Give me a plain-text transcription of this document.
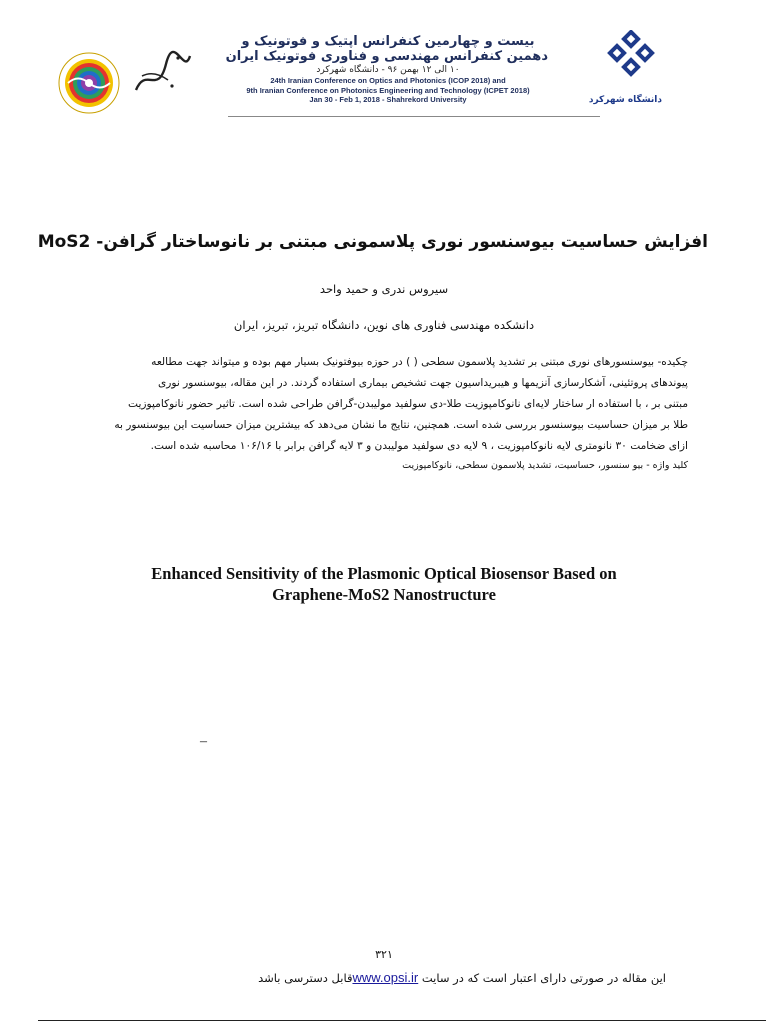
بیست و چهارمین کنفرانس اپتیک و فوتونیک و
دهمین کنفرانس مهندسی و فناوری فوتونیک ایران
۱۰ الی ۱۲ بهمن ۹۶ - دانشگاه شهرکرد
24th Iranian Conference on Optics and Photonics (ICOP 2018) and
9th Iranian Conference on Photonics Engineering and Technology (ICPET 2018)
Jan 30 - Feb 1, 2018 - Shahrekord University	دانشگاه شهرکرد
افزایش حساسیت بیوسنسور نوری پلاسمونی مبتنی بر نانوساختار گرافن- MoS2
سیروس ندری و حمید واحد
دانشکده مهندسی فناوری های نوین، دانشگاه تبریز، تبریز، ایران
چکیده- بیوسنسورهای نوری مبتنی بر تشدید پلاسمون سطحی ( ) در حوزه بیوفتونیک بسیار مهم بوده و میتواند جهت مطالعه
پیوندهای پروتئینی، آشکارسازی آنزیمها و هیبریداسیون جهت تشخیص بیماری استفاده گردند. در این مقاله، بیوسنسور نوری
مبتنی بر ، با استفاده ار ساختار لایه‌ای نانوکامپوزیت طلا-دی سولفید مولیبدن-گرافن طراحی شده است. تاثیر حضور نانوکامپوزیت
طلا بر میزان حساسیت بیوسنسور بررسی شده است. همچنین، نتایج ما نشان می‌دهد که بیشترین میزان حساسیت این بیوسنسور به
ازای ضخامت ۳۰ نانومتری لایه نانوکامپوزیت ، ۹ لایه دی سولفید مولیبدن و ۳ لایه گرافن برابر با ۱۰۶/۱۶ محاسبه شده است.
کلید واژه - بیو سنسور، حساسیت، تشدید پلاسمون سطحی، نانوکامپوزیت
Enhanced Sensitivity of the Plasmonic Optical Biosensor Based on
Graphene-MoS2 Nanostructure
–
۳۲۱
این مقاله در صورتی دارای اعتبار است که در سایت www.opsi.irقابل دسترسی باشد
